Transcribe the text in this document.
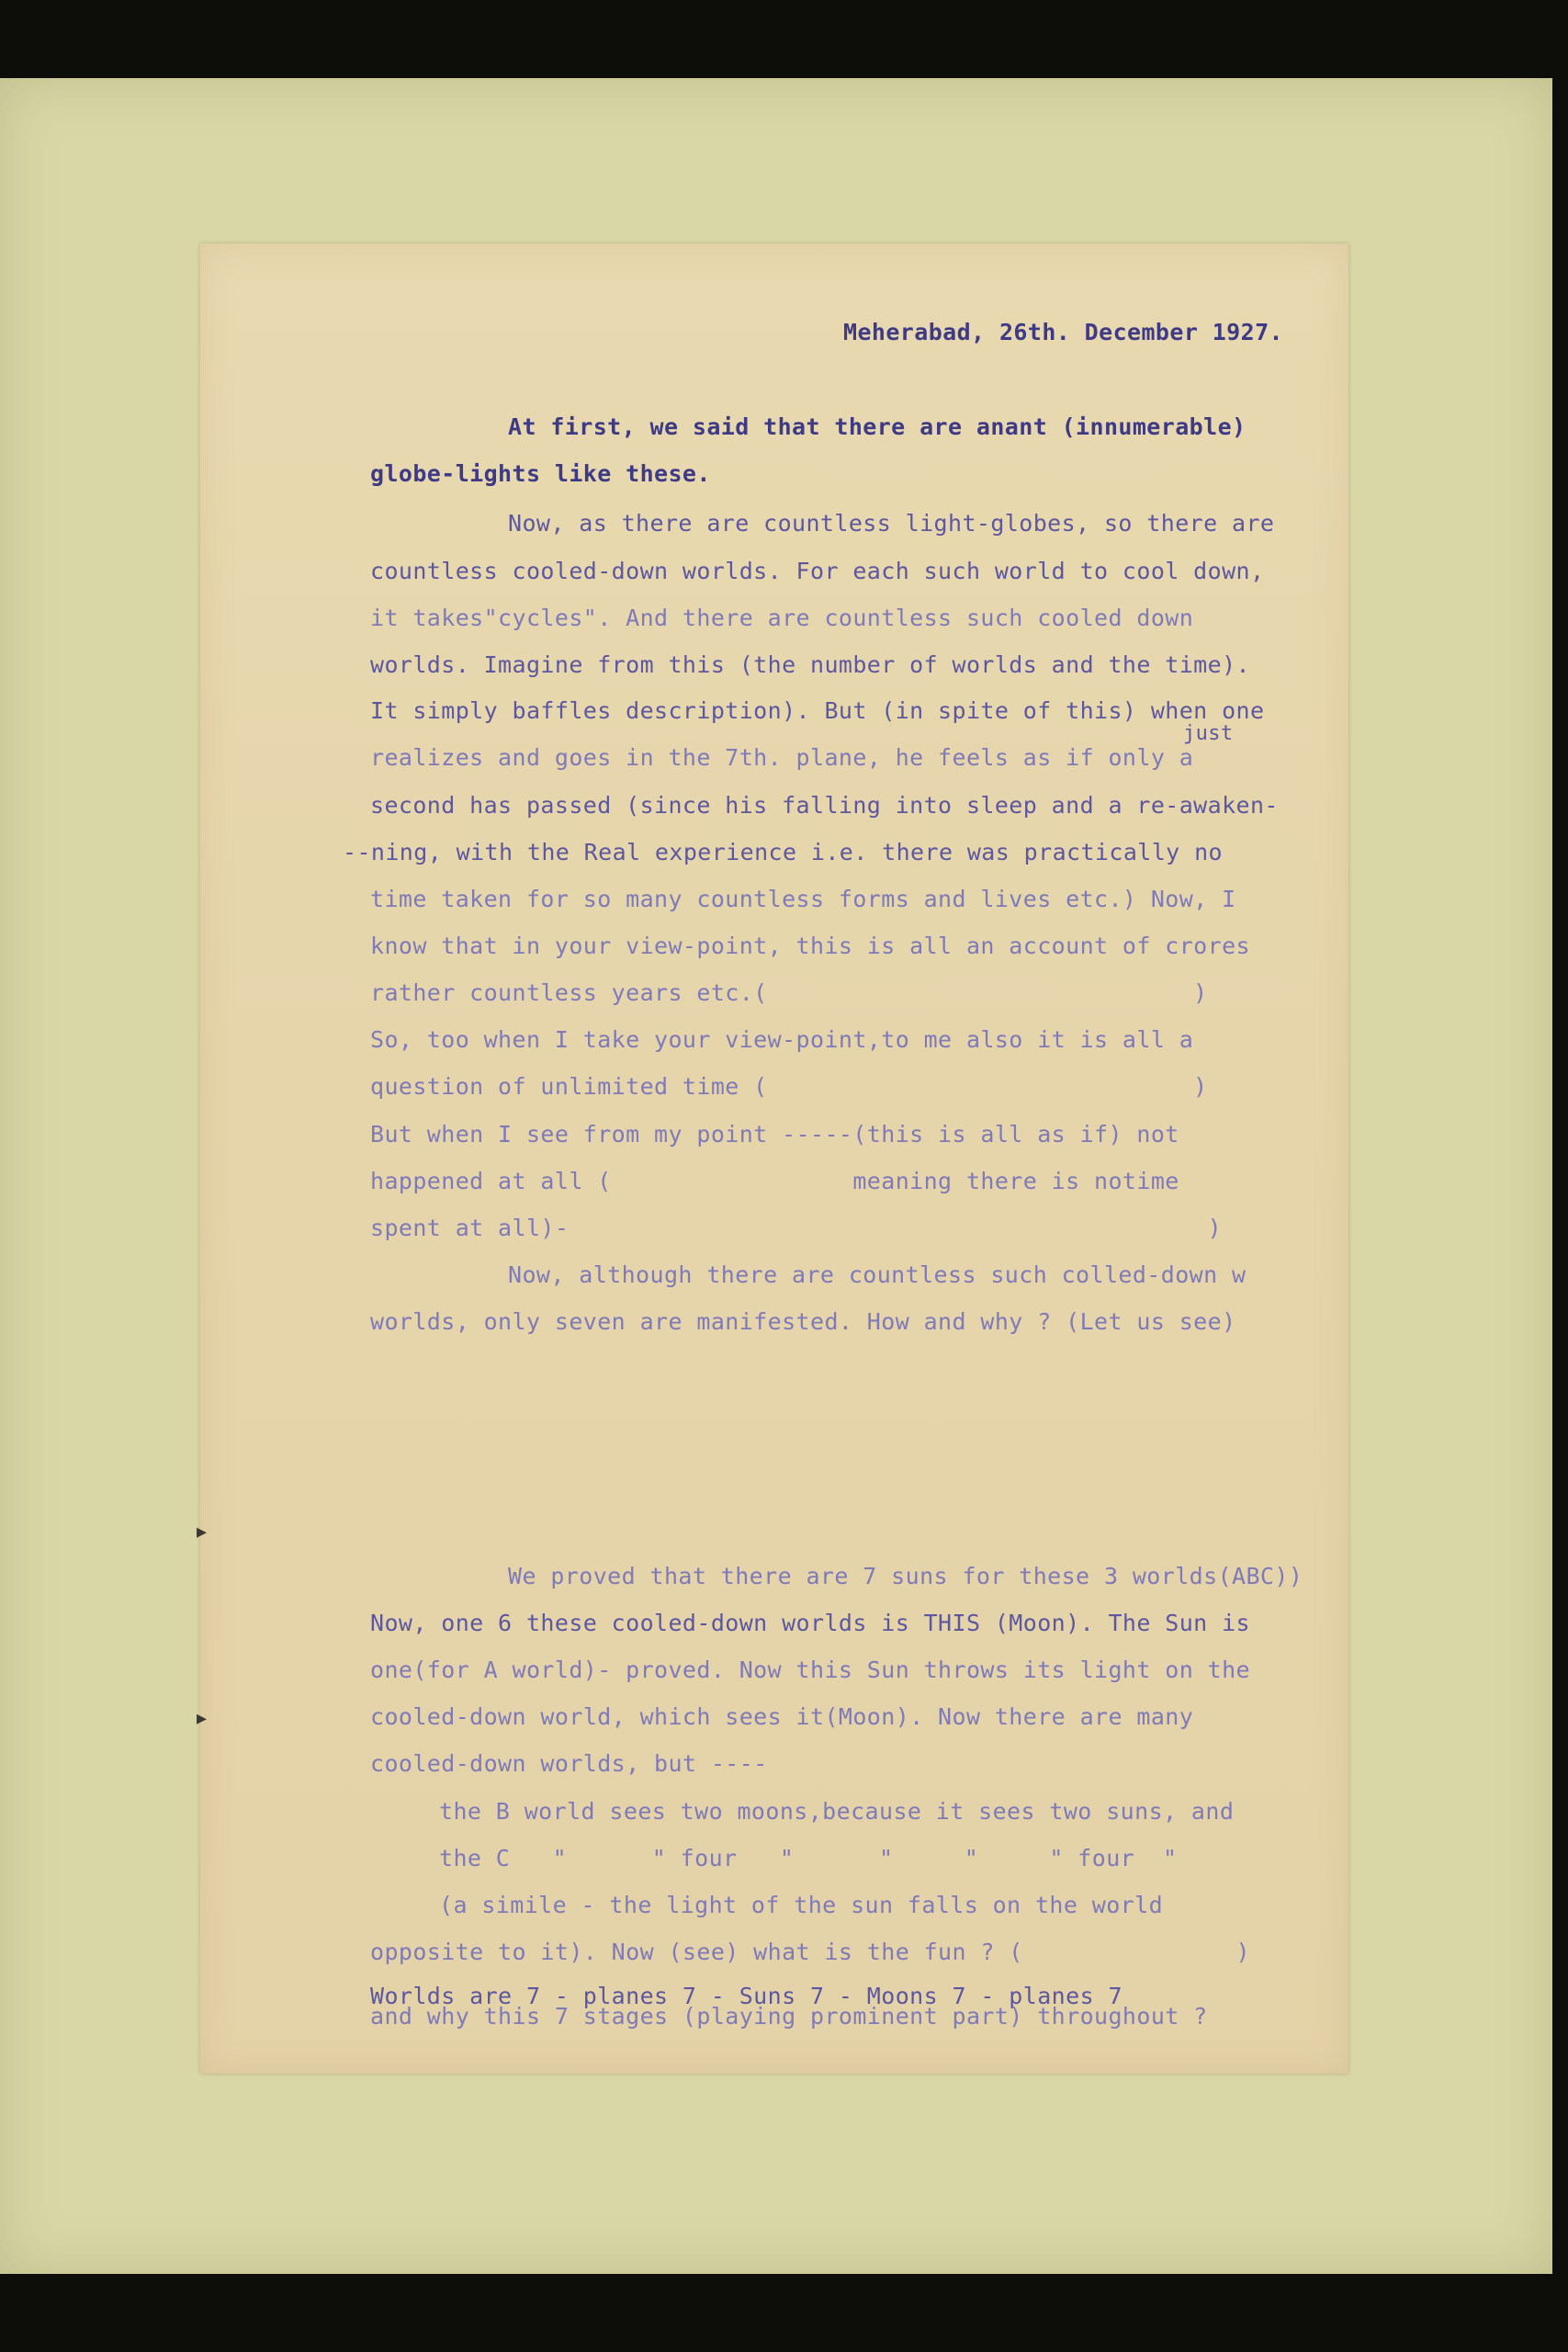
Meherabad, 26th. December 1927.
At first, we said that there are anant (innumerable)
globe-lights like these.
Now, as there are countless light-globes, so there are
countless cooled-down worlds. For each such world to cool down,
it takes"cycles". And there are countless such cooled down
worlds. Imagine from this (the number of worlds and the time).
It simply baffles description). But (in spite of this) when one
just
realizes and goes in the 7th. plane, he feels as if only a
second has passed (since his falling into sleep and a re-awaken-
--ning, with the Real experience i.e. there was practically no
time taken for so many countless forms and lives etc.) Now, I
know that in your view-point, this is all an account of crores
rather countless years etc.(                              )
So, too when I take your view-point,to me also it is all a
question of unlimited time (                              )
But when I see from my point -----(this is all as if) not
happened at all (                 meaning there is notime
spent at all)-                                             )
Now, although there are countless such colled-down w
worlds, only seven are manifested. How and why ? (Let us see)
We proved that there are 7 suns for these 3 worlds(ABC))
Now, one 6 these cooled-down worlds is THIS (Moon). The Sun is
one(for A world)- proved. Now this Sun throws its light on the
cooled-down world, which sees it(Moon). Now there are many
cooled-down worlds, but ----
the B world sees two moons,because it sees two suns, and
the C   "      " four   "      "     "     " four  "
(a simile - the light of the sun falls on the world
opposite to it). Now (see) what is the fun ? (               )
Worlds are 7 - planes 7 - Suns 7 - Moons 7 - planes 7
and why this 7 stages (playing prominent part) throughout ?
▸
▸
